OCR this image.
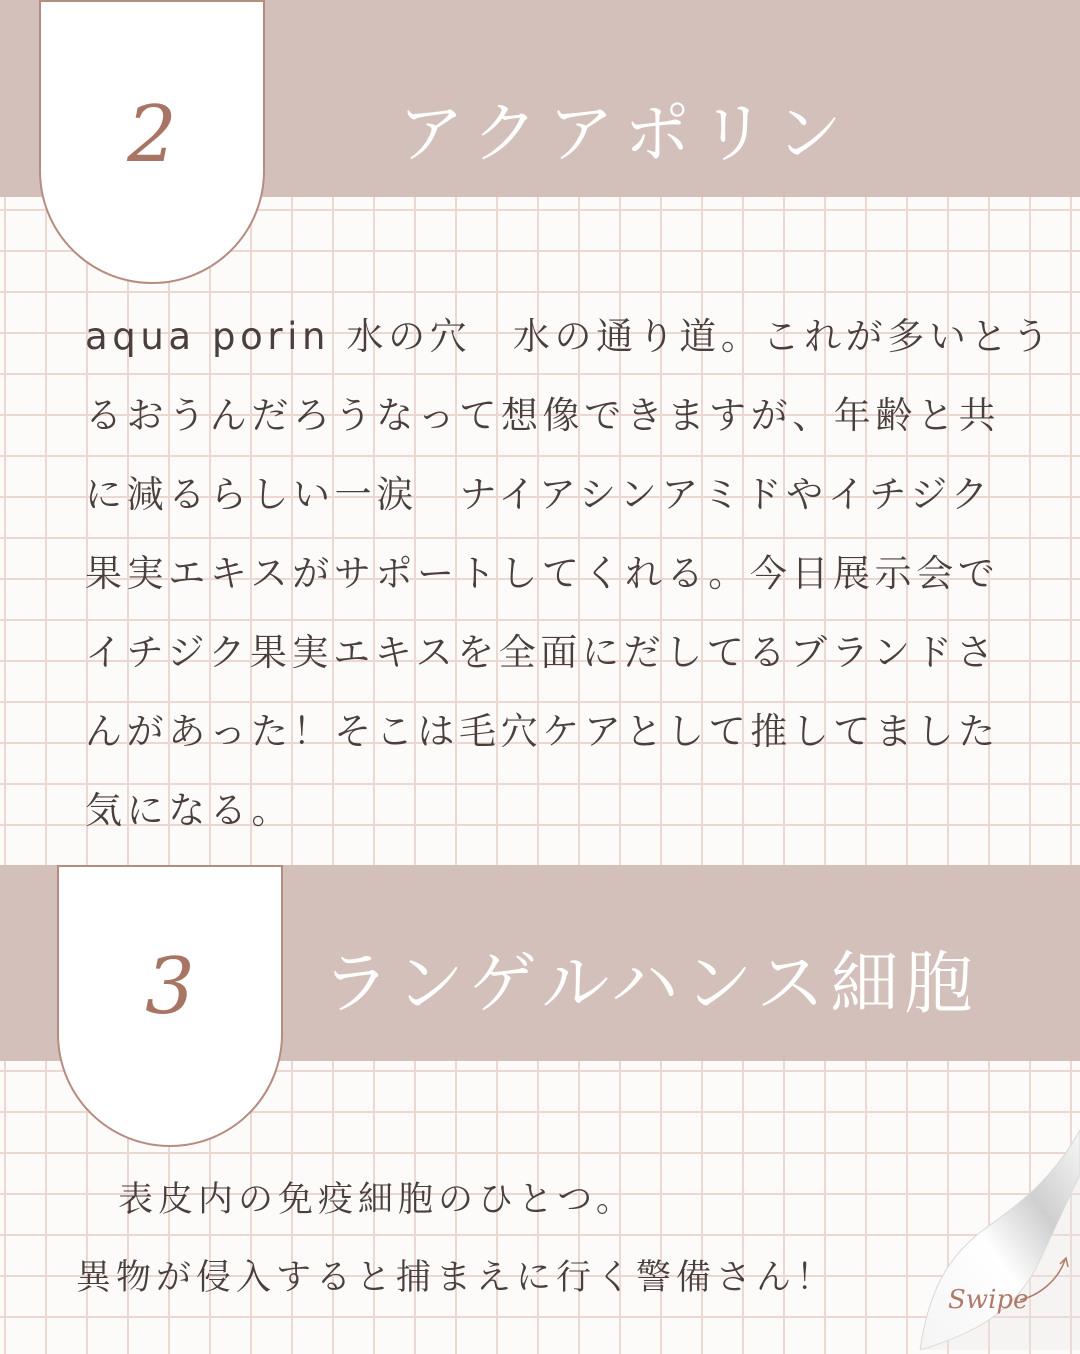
2	アクアポリン
aqua porin 水の穴　水の通り道。これが多いとう
るおうんだろうなって想像できますが、年齢と共
に減るらしい一涙　ナイアシンアミドやイチジク
果実エキスがサポートしてくれる。今日展示会で
イチジク果実エキスを全面にだしてるブランドさ
んがあった！そこは毛穴ケアとして推してました
気になる。
3	ランゲルハンス細胞
表皮内の免疫細胞のひとつ。
異物が侵入すると捕まえに行く警備さん！
Swipe
